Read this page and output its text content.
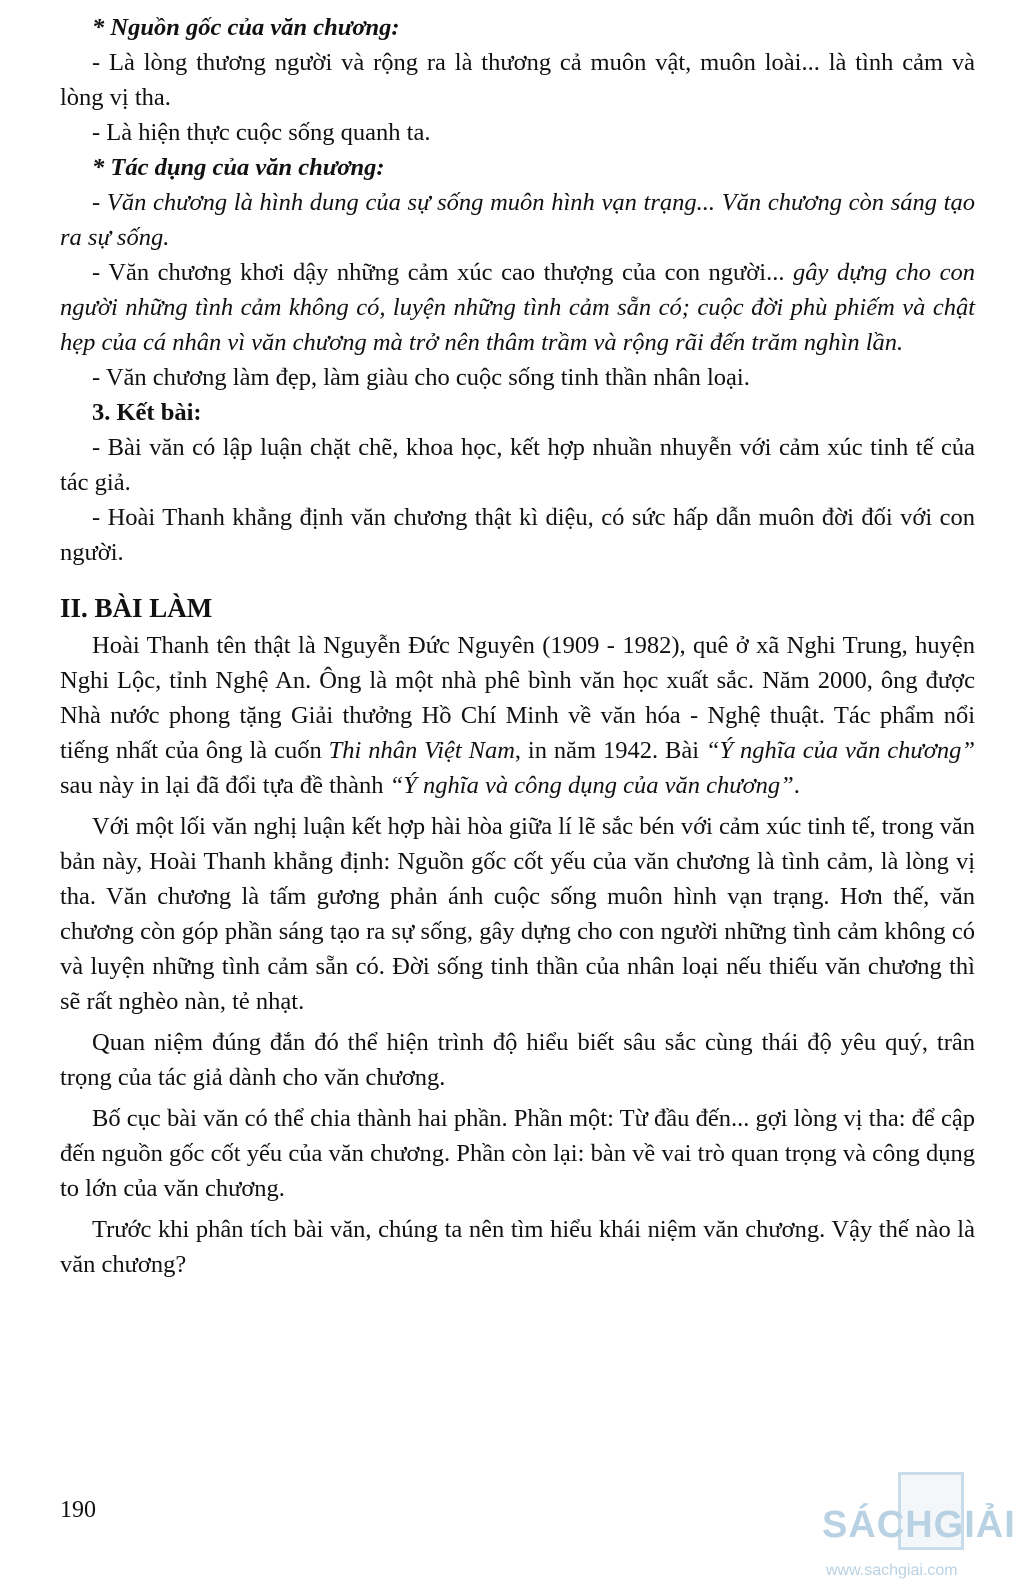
* Nguồn gốc của văn chương:

- Là lòng thương người và rộng ra là thương cả muôn vật, muôn loài... là tình cảm và lòng vị tha.

- Là hiện thực cuộc sống quanh ta.

* Tác dụng của văn chương:

- Văn chương là hình dung của sự sống muôn hình vạn trạng... Văn chương còn sáng tạo ra sự sống.

- Văn chương khơi dậy những cảm xúc cao thượng của con người... gây dựng cho con người những tình cảm không có, luyện những tình cảm sẵn có; cuộc đời phù phiếm và chật hẹp của cá nhân vì văn chương mà trở nên thâm trầm và rộng rãi đến trăm nghìn lần.

- Văn chương làm đẹp, làm giàu cho cuộc sống tinh thần nhân loại.

3. Kết bài:

- Bài văn có lập luận chặt chẽ, khoa học, kết hợp nhuần nhuyễn với cảm xúc tinh tế của tác giả.

- Hoài Thanh khẳng định văn chương thật kì diệu, có sức hấp dẫn muôn đời đối với con người.

II. BÀI LÀM

Hoài Thanh tên thật là Nguyễn Đức Nguyên (1909 - 1982), quê ở xã Nghi Trung, huyện Nghi Lộc, tỉnh Nghệ An. Ông là một nhà phê bình văn học xuất sắc. Năm 2000, ông được Nhà nước phong tặng Giải thưởng Hồ Chí Minh về văn hóa - Nghệ thuật. Tác phẩm nổi tiếng nhất của ông là cuốn Thi nhân Việt Nam, in năm 1942. Bài “Ý nghĩa của văn chương” sau này in lại đã đổi tựa đề thành “Ý nghĩa và công dụng của văn chương”.

Với một lối văn nghị luận kết hợp hài hòa giữa lí lẽ sắc bén với cảm xúc tinh tế, trong văn bản này, Hoài Thanh khẳng định: Nguồn gốc cốt yếu của văn chương là tình cảm, là lòng vị tha. Văn chương là tấm gương phản ánh cuộc sống muôn hình vạn trạng. Hơn thế, văn chương còn góp phần sáng tạo ra sự sống, gây dựng cho con người những tình cảm không có và luyện những tình cảm sẵn có. Đời sống tinh thần của nhân loại nếu thiếu văn chương thì sẽ rất nghèo nàn, tẻ nhạt.

Quan niệm đúng đắn đó thể hiện trình độ hiểu biết sâu sắc cùng thái độ yêu quý, trân trọng của tác giả dành cho văn chương.

Bố cục bài văn có thể chia thành hai phần. Phần một: Từ đầu đến... gợi lòng vị tha: để cập đến nguồn gốc cốt yếu của văn chương. Phần còn lại: bàn về vai trò quan trọng và công dụng to lớn của văn chương.

Trước khi phân tích bài văn, chúng ta nên tìm hiểu khái niệm văn chương. Vậy thế nào là văn chương?

190	SÁCHGIẢI
www.sachgiai.com
